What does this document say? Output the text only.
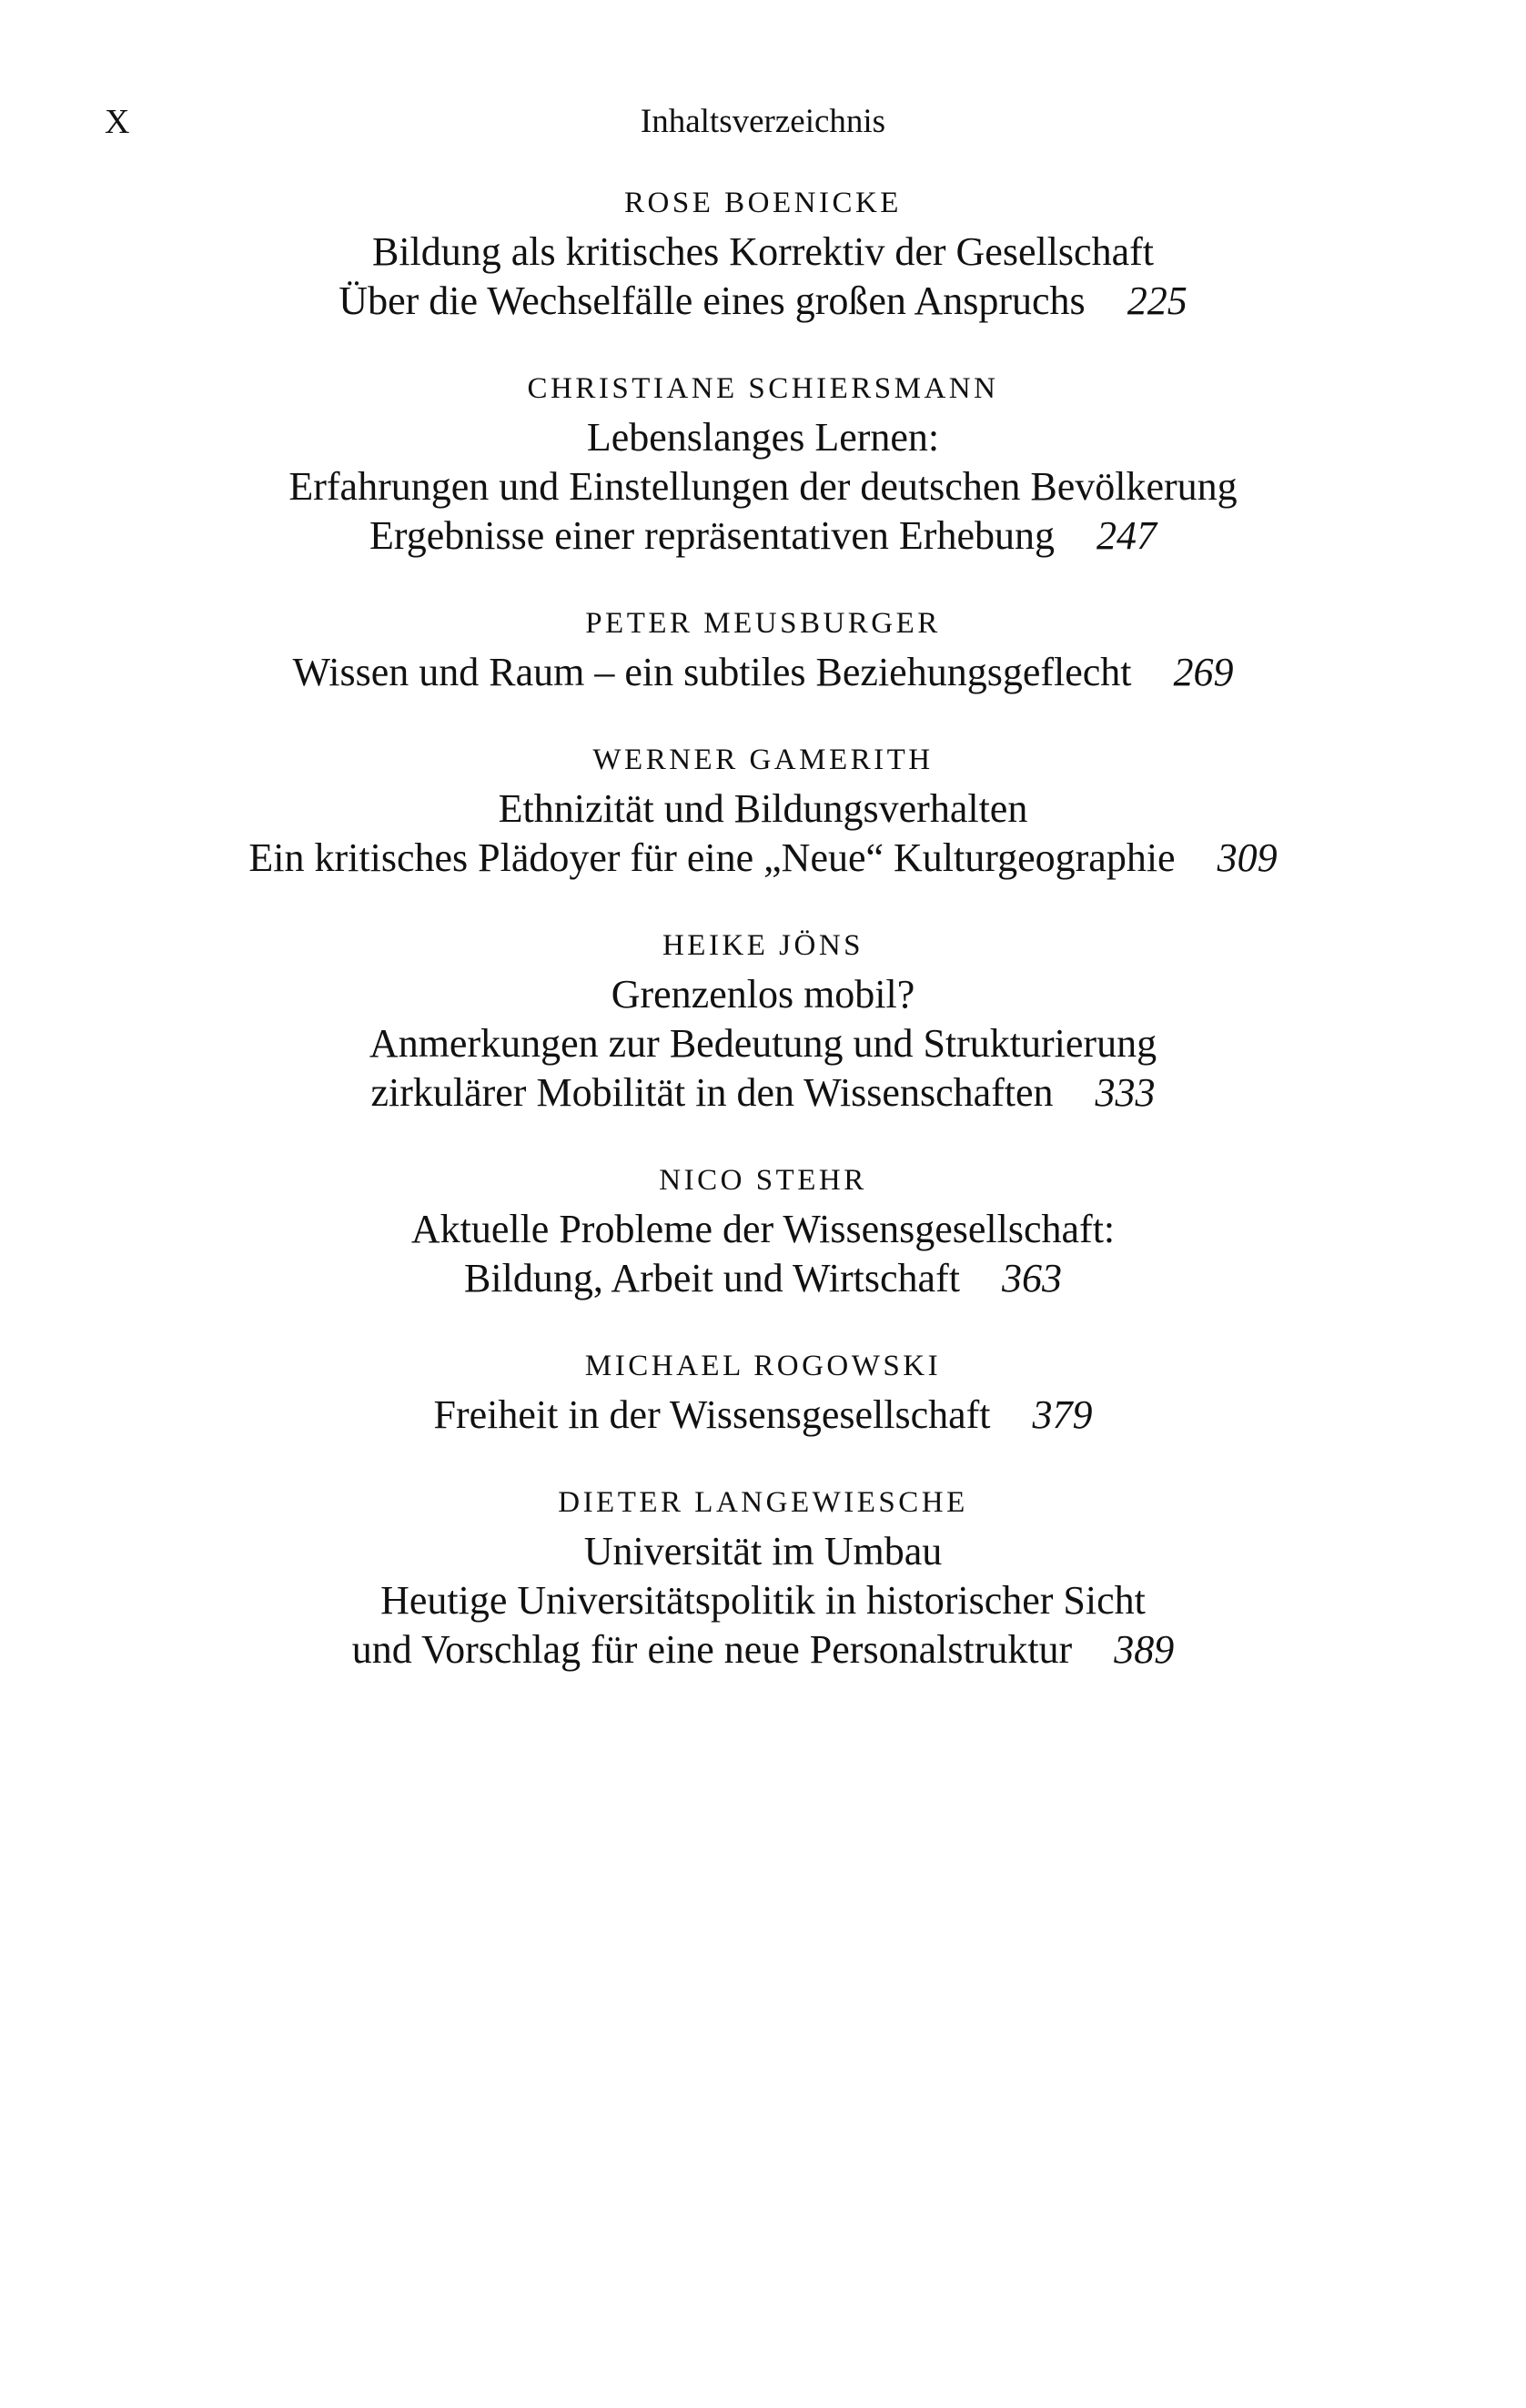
X	Inhaltsverzeichnis
ROSE BOENICKE
Bildung als kritisches Korrektiv der Gesellschaft
Über die Wechselfälle eines großen Anspruchs 225
CHRISTIANE SCHIERSMANN
Lebenslanges Lernen:
Erfahrungen und Einstellungen der deutschen Bevölkerung
Ergebnisse einer repräsentativen Erhebung 247
PETER MEUSBURGER
Wissen und Raum – ein subtiles Beziehungsgeflecht 269
WERNER GAMERITH
Ethnizität und Bildungsverhalten
Ein kritisches Plädoyer für eine „Neue“ Kulturgeographie 309
HEIKE JÖNS
Grenzenlos mobil?
Anmerkungen zur Bedeutung und Strukturierung
zirkulärer Mobilität in den Wissenschaften 333
NICO STEHR
Aktuelle Probleme der Wissensgesellschaft:
Bildung, Arbeit und Wirtschaft 363
MICHAEL ROGOWSKI
Freiheit in der Wissensgesellschaft 379
DIETER LANGEWIESCHE
Universität im Umbau
Heutige Universitätspolitik in historischer Sicht
und Vorschlag für eine neue Personalstruktur 389
